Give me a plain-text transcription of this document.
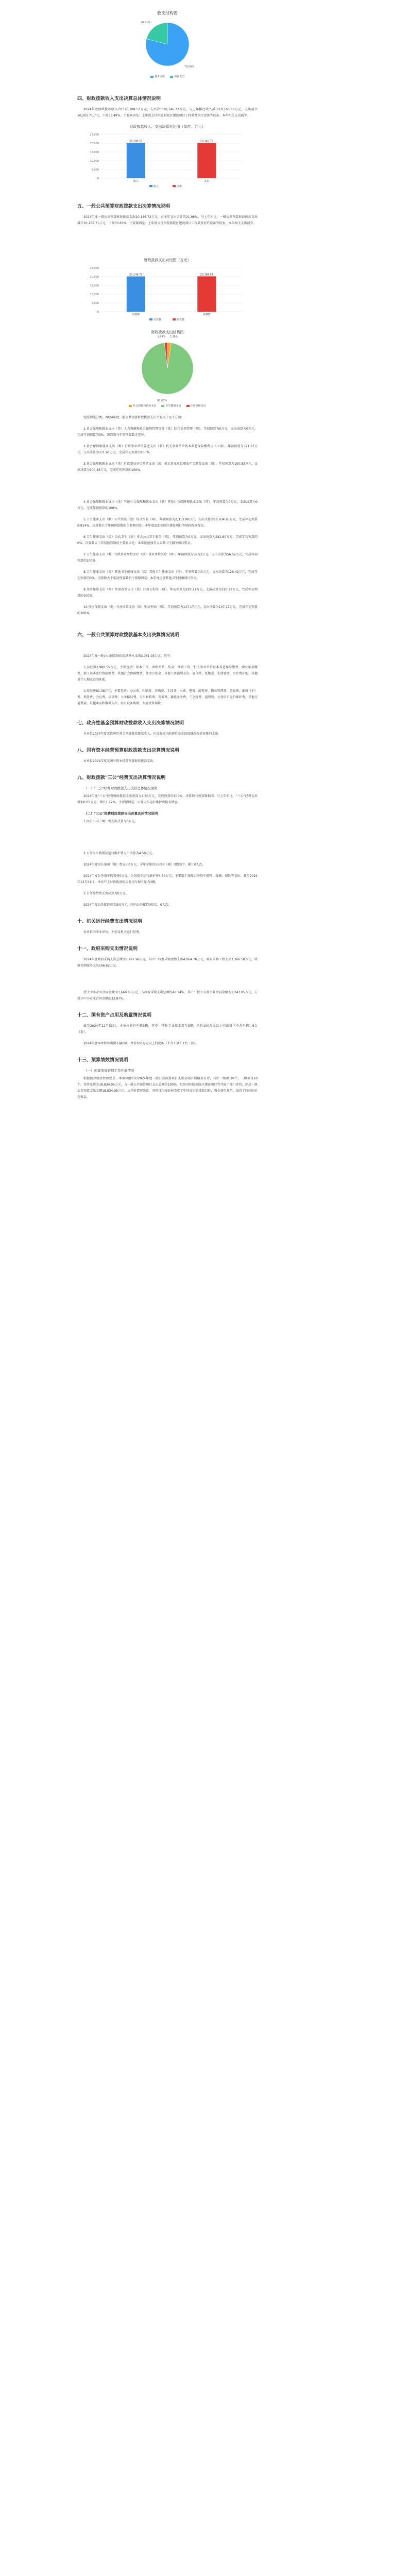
收支结构图
79.09%
20.91%
基本支出	项目支出
四、财政拨款收入支出决算总体情况说明

2024年度财政拨款收入合计20,188.57万元，支出合计20,146.72万元。与上年相比收入减少10,163.86万元，支出减少10,205.71万元，下降33.49%。主要原因是：上年度支付医院新院区建设项目工程款及医疗设备等较多，本年相关支出减少。

财政拨款收入、支出决算对比图（单位：万元）
25,000
20,000
15,000
10,000
5,000
0
20,188.57
收入
20,146.72
支出
收入	支出
五、一般公共预算财政拨款支出决算情况说明

2024年度一般公共预算财政拨款支出20,146.72万元，占本年支出合计的21.08%。与上年相比，一般公共预算财政拨款支出减少10,205.71万元，下降33.63%，主要原因是：上年度支付医院新院区建设项目工程款及医疗设备等较多，本年相关支出减少。

财政拨款支出对比图（万元）
25,000
20,000
15,000
10,000
5,000
0
20,146.72
决算数
20,188.57
预算数
决算数	预算数
财政拨款支出结构图
2.36%
95.80%
1.84%
社会保障和就业支出	卫生健康支出	住房保障支出

按照功能分类，2024年度一般公共预算财政拨款支出主要用于以下方面：

1.社会保障和就业支出（类）人力资源和社会保障管理事务（款）综合业务管理（项）。年初预算为0万元，支出决算为0万元，完成年初预算的0%。决算数与年初预算数无差异。

2.社会保障和就业支出（类）行政事业单位养老支出（款）机关事业单位基本养老保险缴费支出（项）。年初预算为371.67万元，支出决算为371.67万元，完成年初预算的100%。

3.社会保障和就业支出（类）行政事业单位养老支出（款）机关事业单位职业年金缴费支出（项）。年初预算为100.83万元，支出决算为100.83万元，完成年初预算的100%。

4.社会保障和就业支出（类）其他社会保障和就业支出（款）其他社会保障和就业支出（项）。年初预算为0万元，支出决算为0万元，完成年初预算的100%。

5.卫生健康支出（类）公立医院（款）综合医院（项）。年初预算为2,313.90万元，支出决算为18,834.95万元，完成年初预算的814%。决算数大于年初预算数的主要原因是：本年度追加新院区建设项目等财政拨款资金。

6.卫生健康支出（类）公共卫生（款）重大公共卫生服务（项）。年初预算为0万元，支出决算为281.60万元，完成年初预算的0%。决算数大于年初预算数的主要原因是：本年度追加重大公共卫生服务项目资金。

7.卫生健康支出（类）行政事业单位医疗（款）事业单位医疗（项）。年初预算为56.52万元，支出决算为56.52万元，完成年初预算的100%。

8.卫生健康支出（类）其他卫生健康支出（款）其他卫生健康支出（项）。年初预算为0万元，支出决算为126.42万元，完成年初预算的0%。决算数大于年初预算数的主要原因是：本年度追加其他卫生健康项目资金。

9.住房保障支出（类）住房改革支出（款）住房公积金（项）。年初预算为220.22万元，支出决算为220.22万元，完成年初预算的100%。

10.住房保障支出（类）住房改革支出（款）购房补贴（项）。年初预算为147.17万元，支出决算为147.17万元，完成年初预算的100%。

六、一般公共预算财政拨款基本支出决算情况说明

2024年度一般公共预算财政拨款基本支出3,061.93万元，其中：

人员经费2,980.55万元，主要包括：基本工资、津贴补贴、奖金、绩效工资、机关事业单位基本养老保险缴费、职业年金缴费、职工基本医疗保险缴费、其他社会保障缴费、住房公积金、其他工资福利支出、退休费、抚恤金、生活补助、医疗费补助、其他对个人和家庭的补助。

公用经费81.38万元，主要包括：办公费、印刷费、咨询费、手续费、水费、电费、邮电费、物业管理费、差旅费、维修（护）费、租赁费、会议费、培训费、公务接待费、专用材料费、劳务费、委托业务费、工会经费、福利费、公务用车运行维护费、其他交通费用、其他商品和服务支出、办公设备购置、专用设备购置。

七、政府性基金预算财政拨款收入支出决算情况说明

本单位2024年度无政府性基金预算财政拨款收入，也没有使用政府性基金预算财政拨款安排的支出。

八、国有资本经营预算财政拨款支出决算情况说明

本单位2024年度无国有资本经营预算财政拨款支出。

九、财政拨款"三公"经费支出决算情况说明
（一）"三公"经费财政拨款支出决算总体情况说明

2024年度"三公"经费财政拨款支出决算为4.50万元，完成预算的100%，决算数与预算数相同。与上年相比，"三公"经费支出增加0.05万元，增长1.12%。主要原因是：公务用车运行维护费略有增加。

（二）"三公"经费财政拨款支出决算具体情况说明

1.因公出国（境）费支出决算为0万元。

2.公务用车购置及运行维护费支出决算为4.50万元。

2024年度因公出国（境）费支出0万元，全年安排因公出国（境）团组0个，累计0人次。

2024年度公务用车购置费0万元。公务用车运行维护费4.50万元，主要用于保障公务用车燃料、维修、保险等支出。截至2024年12月31日，单位开支财政拨款的公务用车保有量为3辆。

3.公务接待费支出决算为0万元。

2024年度公务接待费支出0万元，国内公务接待0批次，0人次。

十、机关运行经费支出情况说明

本单位为事业单位，不涉及机关运行经费。

十一、政府采购支出情况说明

2024年度政府采购支出总额为7,497.96万元，其中：政府采购货物支出4,064.76万元，政府采购工程支出3,266.58万元，政府采购服务支出166.62万元。

授予中小企业合同金额为3,669.63万元，占政府采购支出总额的48.94%，其中：授予小微企业合同金额为1,243.05万元，占授予中小企业合同金额的33.87%。

十二、国有资产占用及购置情况说明

截至2024年12月31日，本单位共有车辆3辆，其中：特种专业技术用车3辆。单价100万元以上的设备（不含车辆）6台（套）。

2024年度本单位共购置车辆0辆。单价100万元以上的设备（不含车辆）1台（套）。

十三、预算绩效情况说明
（一）预算绩效管理工作开展情况

根据预算绩效管理要求，本单位组织对2024年度一般公共预算项目支出全面开展绩效自评，其中一级项目0个，二级项目10个，共涉及资金18,834.95万元，占一般公共预算项目支出总额的100%。组织对医院新院区建设项目等开展了部门评价，涉及一般公共预算支出金额18,834.95万元。从评价情况来看，各项目均较好地完成了年初设定的绩效目标，资金使用规范，取得了较好的社会效益。
